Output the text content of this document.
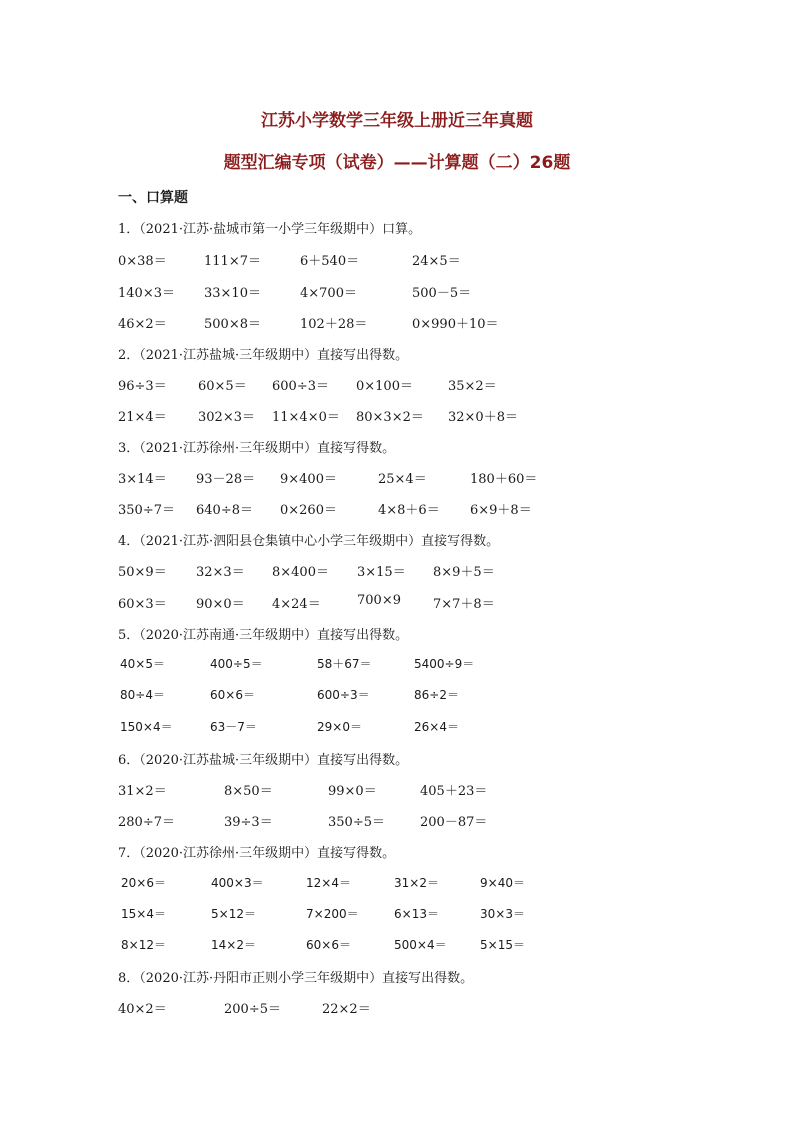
江苏小学数学三年级上册近三年真题
题型汇编专项（试卷）——计算题（二）26题
一、口算题
1．（2021·江苏·盐城市第一小学三年级期中）口算。
0×38＝	111×7＝	6＋540＝	24×5＝
140×3＝ 33×10＝	4×700＝	500－5＝
46×2＝	500×8＝	102＋28＝	0×990＋10＝
2．（2021·江苏盐城·三年级期中）直接写出得数。
96÷3＝ 60×5＝ 600÷3＝ 0×100＝	35×2＝
21×4＝ 302×3＝ 11×4×0＝ 80×3×2＝ 32×0＋8＝
3．（2021·江苏徐州·三年级期中）直接写得数。
3×14＝ 93－28＝ 9×400＝	25×4＝	180＋60＝
350÷7＝ 640÷8＝ 0×260＝	4×8＋6＝ 6×9＋8＝
4．（2021·江苏·泗阳县仓集镇中心小学三年级期中）直接写得数。
50×9＝ 32×3＝ 8×400＝ 3×15＝ 8×9＋5＝
60×3＝ 90×0＝ 4×24＝	700×9 7×7＋8＝
5．（2020·江苏南通·三年级期中）直接写出得数。
40×5＝	400÷5＝	58＋67＝	5400÷9＝
80÷4＝	60×6＝	600÷3＝	86÷2＝
150×4＝	63－7＝	29×0＝	26×4＝
6．（2020·江苏盐城·三年级期中）直接写出得数。
31×2＝	8×50＝	99×0＝	405＋23＝
280÷7＝	39÷3＝	350÷5＝	200－87＝
7．（2020·江苏徐州·三年级期中）直接写得数。
20×6＝	400×3＝	12×4＝	31×2＝	9×40＝
15×4＝	5×12＝	7×200＝	6×13＝	30×3＝
8×12＝	14×2＝	60×6＝	500×4＝	5×15＝
8．（2020·江苏·丹阳市正则小学三年级期中）直接写出得数。
40×2＝	200÷5＝	22×2＝
